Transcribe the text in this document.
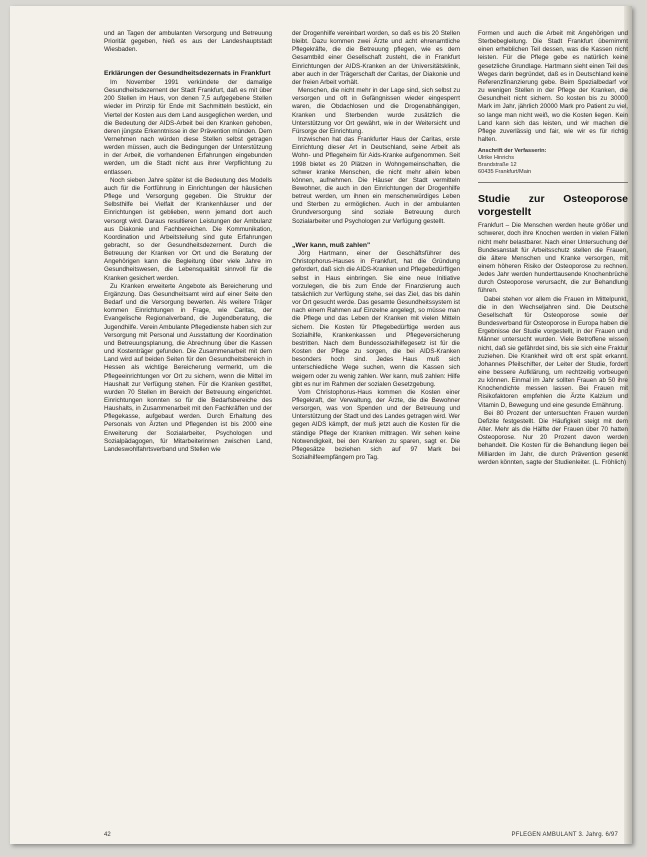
und an Tagen der ambulanten Versorgung und Betreuung Priorität gegeben, hieß es aus der Landeshauptstadt Wiesbaden.

Erklärungen der Gesundheitsdezernats in Frankfurt

Im November 1991 verkündete der damalige Gesundheitsdezernent der Stadt Frankfurt, daß es mit über 200 Stellen im Haus, von denen 7,5 aufgegebene Stellen wieder im Prinzip für Ende mit Sachmitteln bestückt, ein Viertel der Kosten aus dem Land ausgeglichen werden, und die Bedeutung der AIDS-Arbeit bei den Kranken gehoben, deren jüngste Erkenntnisse in der Prävention münden. Dem Vernehmen nach würden diese Stellen selbst getragen werden müssen, auch die Bedingungen der Unterstützung in der Arbeit, die vorhandenen Erfahrungen eingebunden werden, um die Stadt nicht aus ihrer Verpflichtung zu entlassen.

Noch sieben Jahre später ist die Bedeutung des Modells auch für die Fortführung in Einrichtungen der häuslichen Pflege und Versorgung gegeben. Die Struktur der Selbsthilfe bei Vielfalt der Krankenhäuser und der Einrichtungen ist geblieben, wenn jemand dort auch versorgt wird. Daraus resultieren Leistungen der Ambulanz aus Diakonie und Fachbereichen. Die Kommunikation, Koordination und Arbeitsteilung sind gute Erfahrungen gebracht, so der Gesundheitsdezernent. Durch die Betreuung der Kranken vor Ort und die Beratung der Angehörigen kann die Begleitung über viele Jahre im Gesundheitswesen, die Lebensqualität sinnvoll für die Kranken gesichert werden.

Zu Kranken erweiterte Angebote als Bereicherung und Ergänzung. Das Gesundheitsamt wird auf einer Seite den Bedarf und die Versorgung bewerten. Als weitere Träger kommen Einrichtungen in Frage, wie Caritas, der Evangelische Regionalverband, die Jugendberatung, die Jugendhilfe. Verein Ambulante Pflegedienste haben sich zur Versorgung mit Personal und Ausstattung der Koordination und Betreuungsplanung, die Abrechnung über die Kassen und Kostenträger gefunden. Die Zusammenarbeit mit dem Land wird auf beiden Seiten für den Gesundheitsbereich in Hessen als wichtige Bereicherung vermerkt, um die Pflegeeinrichtungen vor Ort zu sichern, wenn die Mittel im Haushalt zur Verfügung stehen. Für die Kranken gestiftet, wurden 70 Stellen im Bereich der Betreuung eingerichtet. Einrichtungen konnten so für die Bedarfsbereiche des Haushalts, in Zusammenarbeit mit den Fachkräften und der Pflegekasse, aufgebaut werden. Durch Erhaltung des Personals von Ärzten und Pflegenden ist bis 2000 eine Erweiterung der Sozialarbeiter, Psychologen und Sozialpädagogen, für Mitarbeiterinnen zwischen Land, Landeswohlfahrtsverband und Stellen wie

der Drogenhilfe vereinbart worden, so daß es bis 20 Stellen bleibt. Dazu kommen zwei Ärzte und acht ehrenamtliche Pflegekräfte, die die Betreuung pflegen, wie es dem Gesamtbild einer Gesellschaft zusteht, die in Frankfurt Einrichtungen der AIDS-Kranken an der Universitätsklinik, aber auch in der Trägerschaft der Caritas, der Diakonie und der freien Arbeit vorhält.

Menschen, die nicht mehr in der Lage sind, sich selbst zu versorgen und oft in Gefängnissen wieder eingesperrt waren, die Obdachlosen und die Drogenabhängigen, Kranken und Sterbenden wurde zusätzlich die Unterstützung vor Ort gewährt, wie in der Weitersicht und Fürsorge der Einrichtung.

Inzwischen hat das Frankfurter Haus der Caritas, erste Einrichtung dieser Art in Deutschland, seine Arbeit als Wohn- und Pflegeheim für Aids-Kranke aufgenommen. Seit 1998 bietet es 20 Plätzen in Wohngemeinschaften, die schwer kranke Menschen, die nicht mehr allein leben können, aufnehmen. Die Häuser der Stadt vermitteln Bewohner, die auch in den Einrichtungen der Drogenhilfe betreut werden, um ihnen ein menschenwürdiges Leben und Sterben zu ermöglichen. Auch in der ambulanten Grundversorgung sind soziale Betreuung durch Sozialarbeiter und Psychologen zur Verfügung gestellt.

„Wer kann, muß zahlen"

Jörg Hartmann, einer der Geschäftsführer des Christophorus-Hauses in Frankfurt, hat die Gründung gefordert, daß sich die AIDS-Kranken und Pflegebedürftigen selbst in Haus einbringen. Sie eine neue Initiative vorzulegen, die bis zum Ende der Finanzierung auch tatsächlich zur Verfügung stehe, sei das Ziel, das bis dahin vor Ort gesucht werde. Das gesamte Gesundheitssystem ist nach einem Rahmen auf Einzelne angelegt, so müsse man die Pflege und das Leben der Kranken mit vielen Mitteln sichern. Die Kosten für Pflegebedürftige werden aus Sozialhilfe, Krankenkassen und Pflegeversicherung bestritten. Nach dem Bundessozialhilfegesetz ist für die Kosten der Pflege zu sorgen, die bei AIDS-Kranken besonders hoch sind. Jedes Haus muß sich unterschiedliche Wege suchen, wenn die Kassen sich weigern oder zu wenig zahlen. Wer kann, muß zahlen: Hilfe gibt es nur im Rahmen der sozialen Gesetzgebung.

Vom Christophorus-Haus kommen die Kosten einer Pflegekraft, der Verwaltung, der Ärzte, die die Bewohner versorgen, was von Spenden und der Betreuung und Unterstützung der Stadt und des Landes getragen wird. Wer gegen AIDS kämpft, der muß jetzt auch die Kosten für die ständige Pflege der Kranken mittragen. Wir sehen keine Notwendigkeit, bei den Kranken zu sparen, sagt er. Die Pflegesätze beziehen sich auf 97 Mark bei Sozialhilfeempfängern pro Tag.

Formen und auch die Arbeit mit Angehörigen und Sterbebegleitung. Die Stadt Frankfurt übernimmt einen erheblichen Teil dessen, was die Kassen nicht leisten. Für die Pflege gebe es natürlich keine gesetzliche Grundlage. Hartmann sieht einen Teil des Weges darin begründet, daß es in Deutschland keine Referenzfinanzierung gebe. Beim Spezialbedarf vor zu wenigen Stellen in der Pflege der Kranken, die Gesundheit nicht sichern. So kosten bis zu 30000 Mark im Jahr, jährlich 20000 Mark pro Patient zu viel, so lange man nicht weiß, wo die Kosten liegen. Kein Land kann sich das leisten, und wir machen die Pflege zuverlässig und fair, wie wir es für richtig halten.

Anschrift der Verfasserin:
Ulrike Hinrichs
Brandstraße 12
60435 Frankfurt/Main
Studie zur Osteoporose vorgestellt

Frankfurt – Die Menschen werden heute größer und schwerer, doch ihre Knochen werden in vielen Fällen nicht mehr belastbarer. Nach einer Untersuchung der Bundesanstalt für Arbeitsschutz stellen die Frauen, die ältere Menschen und Kranke versorgen, mit einem höheren Risiko der Osteoporose zu rechnen. Jedes Jahr werden hunderttausende Knochenbrüche durch Osteoporose verursacht, die zur Behandlung führen.

Dabei stehen vor allem die Frauen im Mittelpunkt, die in den Wechseljahren sind. Die Deutsche Gesellschaft für Osteoporose sowie der Bundesverband für Osteoporose in Europa haben die Ergebnisse der Studie vorgestellt, in der Frauen und Männer untersucht wurden. Viele Betroffene wissen nicht, daß sie gefährdet sind, bis sie sich eine Fraktur zuziehen. Die Krankheit wird oft erst spät erkannt. Johannes Pfeilschifter, der Leiter der Studie, fordert eine bessere Aufklärung, um rechtzeitig vorbeugen zu können. Einmal im Jahr sollten Frauen ab 50 ihre Knochendichte messen lassen. Bei Frauen mit Risikofaktoren empfehlen die Ärzte Kalzium und Vitamin D, Bewegung und eine gesunde Ernährung.

Bei 80 Prozent der untersuchten Frauen wurden Defizite festgestellt. Die Häufigkeit steigt mit dem Alter. Mehr als die Hälfte der Frauen über 70 hatten Osteoporose. Nur 20 Prozent davon werden behandelt. Die Kosten für die Behandlung liegen bei Milliarden im Jahr, die durch Prävention gesenkt werden könnten, sagte der Studienleiter. (L. Fröhlich)

42	PFLEGEN AMBULANT 3. Jahrg. 6/97
